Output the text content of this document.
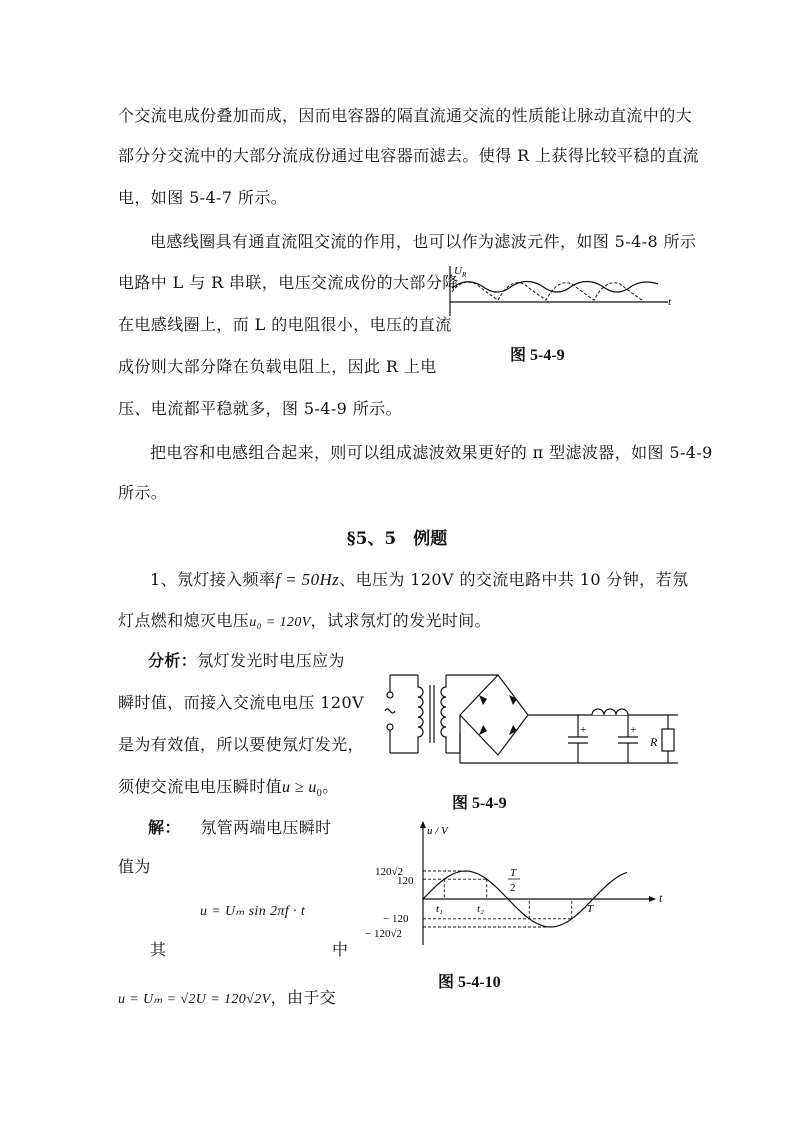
个交流电成份叠加而成，因而电容器的隔直流通交流的性质能让脉动直流中的大
部分分交流中的大部分流成份通过电容器而滤去。使得 R 上获得比较平稳的直流
电，如图 5-4-7 所示。
电感线圈具有通直流阻交流的作用，也可以作为滤波元件，如图 5-4-8 所示
电路中 L 与 R 串联，电压交流成份的大部分降
在电感线圈上，而 L 的电阻很小，电压的直流
成份则大部分降在负载电阻上，因此 R 上电
压、电流都平稳就多，图 5-4-9 所示。
U R
t
图 5-4-9
把电容和电感组合起来，则可以组成滤波效果更好的 π 型滤波器，如图 5-4-9
所示。
§5、5　例题
1、氖灯接入频率f = 50Hz、电压为 120V 的交流电路中共 10 分钟，若氖
灯点燃和熄灭电压u₀ = 120V，试求氖灯的发光时间。
分析：氖灯发光时电压应为
瞬时值，而接入交流电电压 120V
是为有效值，所以要使氖灯发光，
须使交流电电压瞬时值$u \ge u_0$。
+	+
R
图 5-4-9
解： 氖管两端电压瞬时
值为
u = Uₘ sin 2πf · t
其	中
u = Uₘ = √2U = 120√2V，由于交
u / V
t
120√2
120
− 120
− 120√2
t₁	t₂
T
2
T
图 5-4-10
